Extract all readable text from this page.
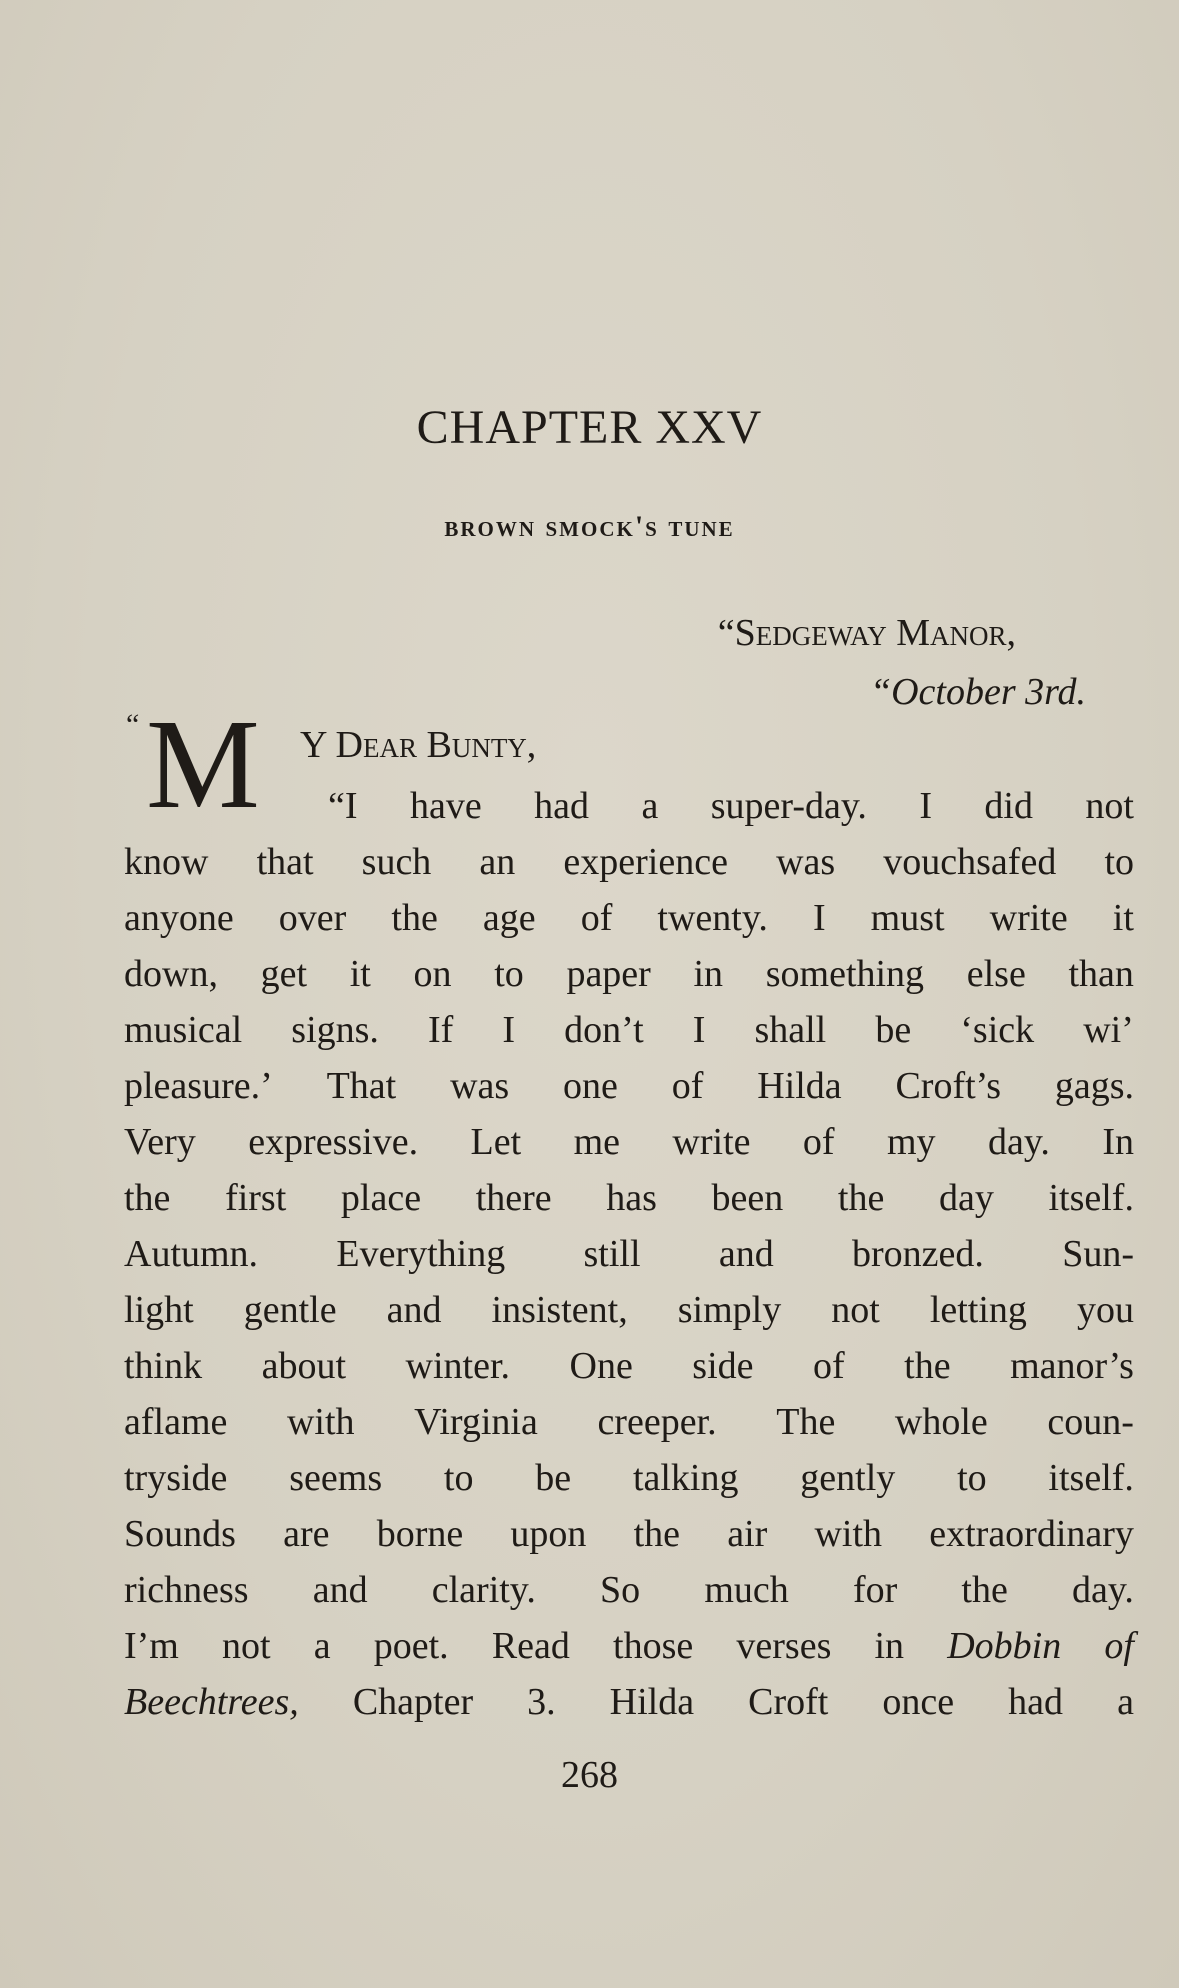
CHAPTER XXV
brown smock's tune

“Sedgeway Manor,

“October 3rd.

“ M Y Dear Bunty,
“I have had a super-day. I did not
know that such an experience was vouchsafed to
anyone over the age of twenty. I must write it
down, get it on to paper in something else than
musical signs. If I don’t I shall be ‘sick wi’
pleasure.’ That was one of Hilda Croft’s gags.
Very expressive. Let me write of my day. In
the first place there has been the day itself.
Autumn. Everything still and bronzed. Sun-
light gentle and insistent, simply not letting you
think about winter. One side of the manor’s
aflame with Virginia creeper. The whole coun-
tryside seems to be talking gently to itself.
Sounds are borne upon the air with extraordinary
richness and clarity. So much for the day.
I’m not a poet. Read those verses in Dobbin of
Beechtrees, Chapter 3. Hilda Croft once had a
268
